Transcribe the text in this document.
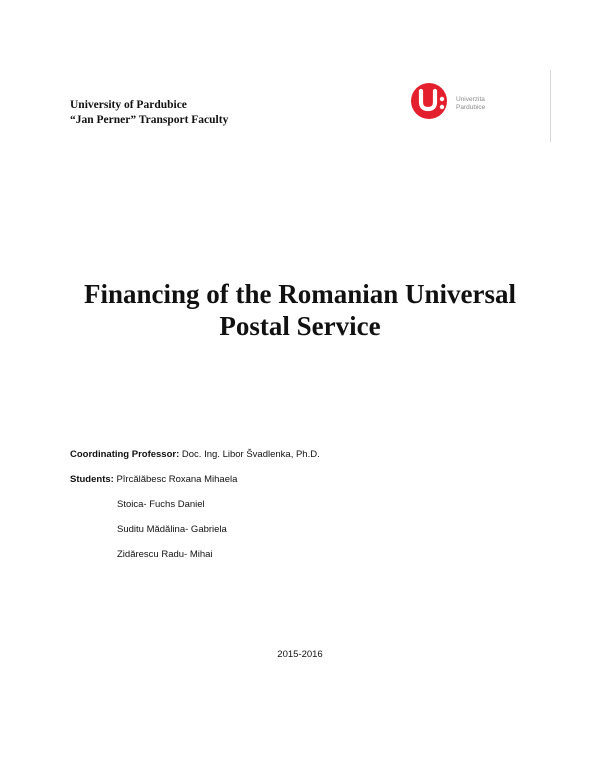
University of Pardubice
“Jan Perner” Transport Faculty
Univerzita
Pardubice
Financing of the Romanian Universal
Postal Service
Coordinating Professor: Doc. Ing. Libor Švadlenka, Ph.D.
Students: Pîrcălăbesc Roxana Mihaela
Stoica- Fuchs Daniel
Suditu Mădălina- Gabriela
Zidărescu Radu- Mihai
2015-2016
